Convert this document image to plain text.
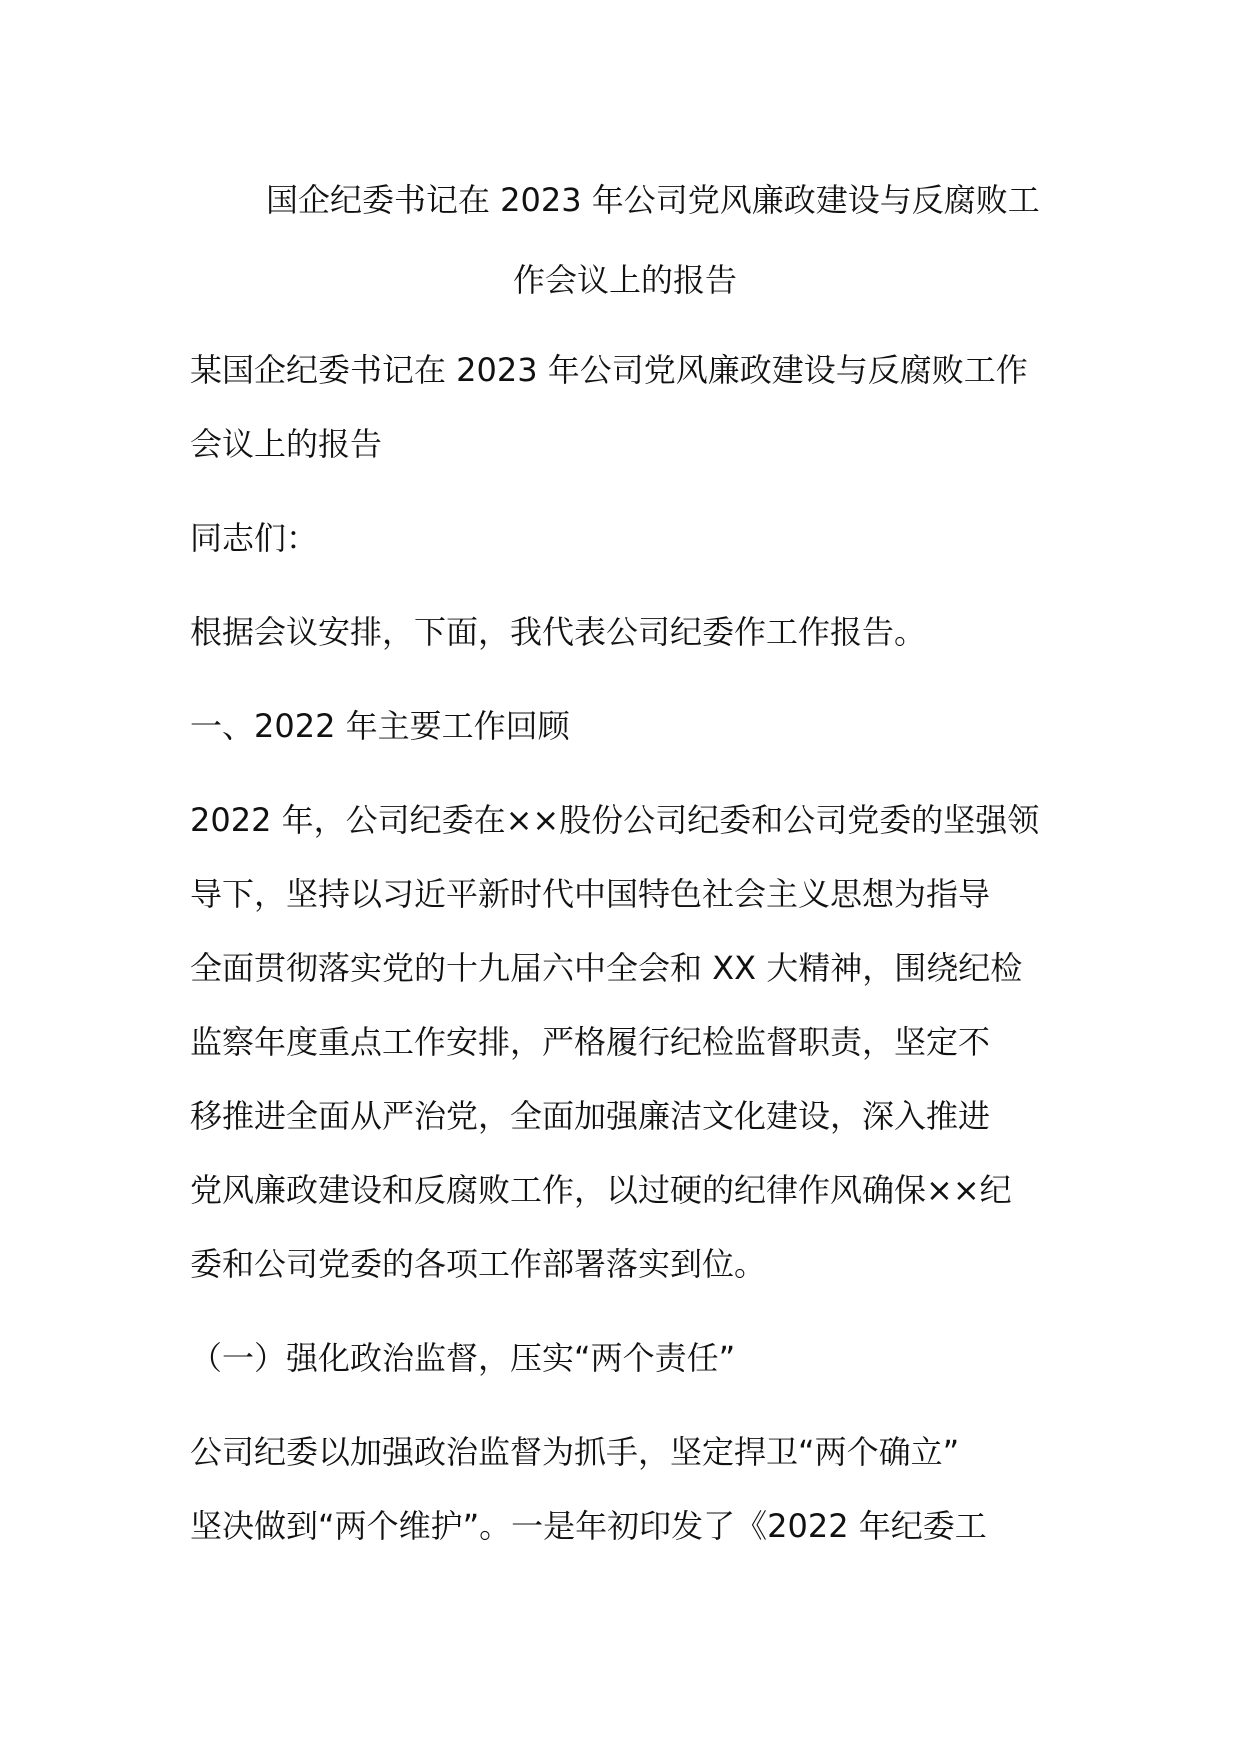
国企纪委书记在 2023 年公司党风廉政建设与反腐败工
作会议上的报告

某国企纪委书记在 2023 年公司党风廉政建设与反腐败工作
会议上的报告

同志们：

根据会议安排，下面，我代表公司纪委作工作报告。

一、2022 年主要工作回顾

2022 年，公司纪委在××股份公司纪委和公司党委的坚强领
导下，坚持以习近平新时代中国特色社会主义思想为指导
全面贯彻落实党的十九届六中全会和 XX 大精神，围绕纪检
监察年度重点工作安排，严格履行纪检监督职责，坚定不
移推进全面从严治党，全面加强廉洁文化建设，深入推进
党风廉政建设和反腐败工作，以过硬的纪律作风确保××纪
委和公司党委的各项工作部署落实到位。

（一）强化政治监督，压实“两个责任”

公司纪委以加强政治监督为抓手，坚定捍卫“两个确立”
坚决做到“两个维护”。一是年初印发了《2022 年纪委工
